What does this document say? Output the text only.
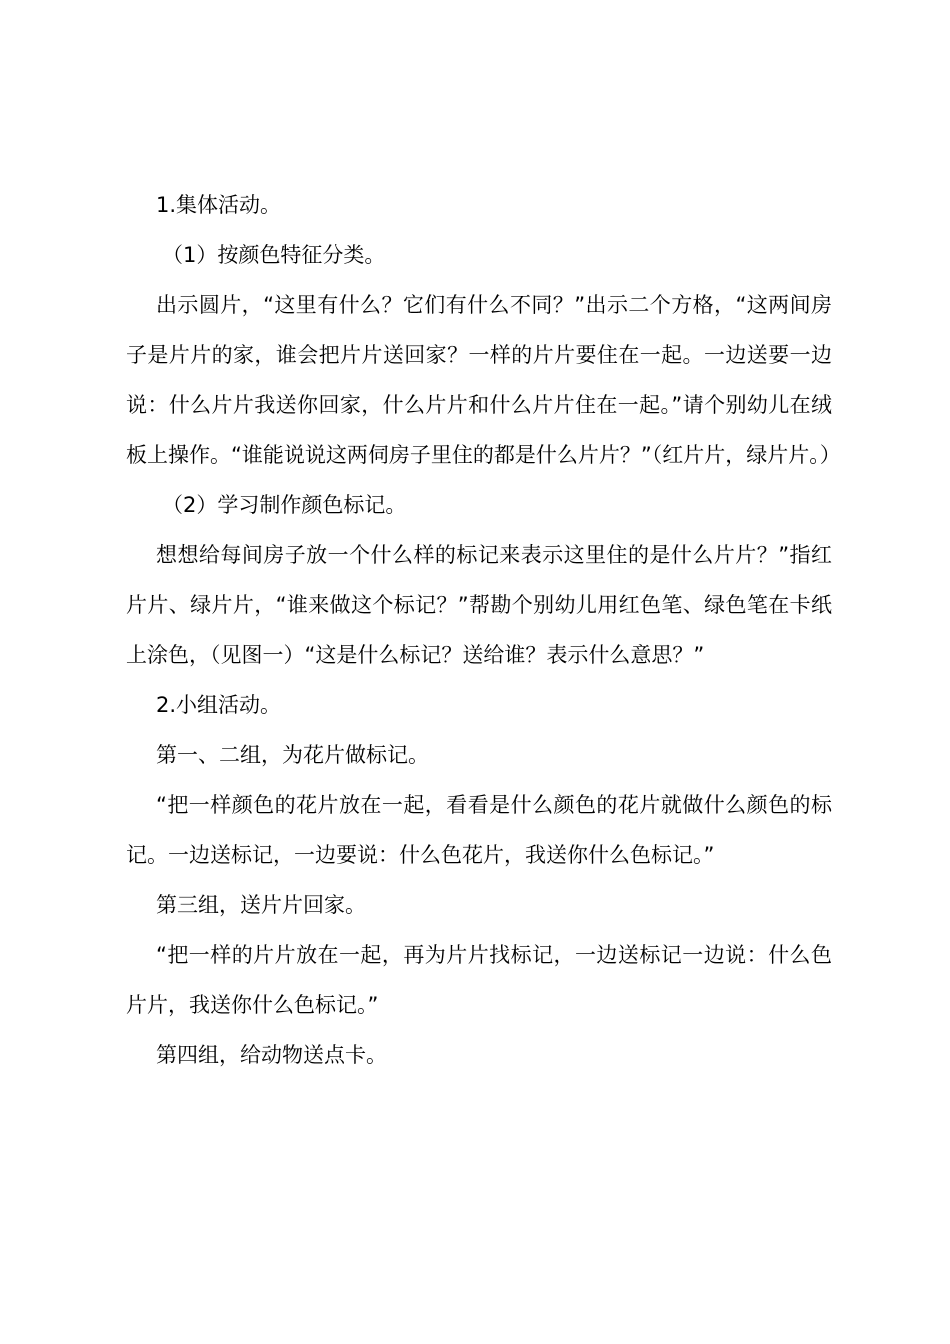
1.集体活动。

（1）按颜色特征分类。

出示圆片，“这里有什么？它们有什么不同？”出示二个方格，“这两间房子是片片的家，谁会把片片送回家？一样的片片要住在一起。一边送要一边说：什么片片我送你回家，什么片片和什么片片住在一起。”请个别幼儿在绒板上操作。“谁能说说这两伺房子里住的都是什么片片？”（红片片，绿片片。）

（2）学习制作颜色标记。

想想给每间房子放一个什么样的标记来表示这里住的是什么片片？”指红片片、绿片片，“谁来做这个标记？”帮勘个别幼儿用红色笔、绿色笔在卡纸上涂色，（见图一）“这是什么标记？送给谁？表示什么意思？”

2.小组活动。

第一、二组，为花片做标记。

“把一样颜色的花片放在一起，看看是什么颜色的花片就做什么颜色的标记。一边送标记，一边要说：什么色花片，我送你什么色标记。”

第三组，送片片回家。

“把一样的片片放在一起，再为片片找标记，一边送标记一边说：什么色片片，我送你什么色标记。”

第四组，给动物送点卡。
